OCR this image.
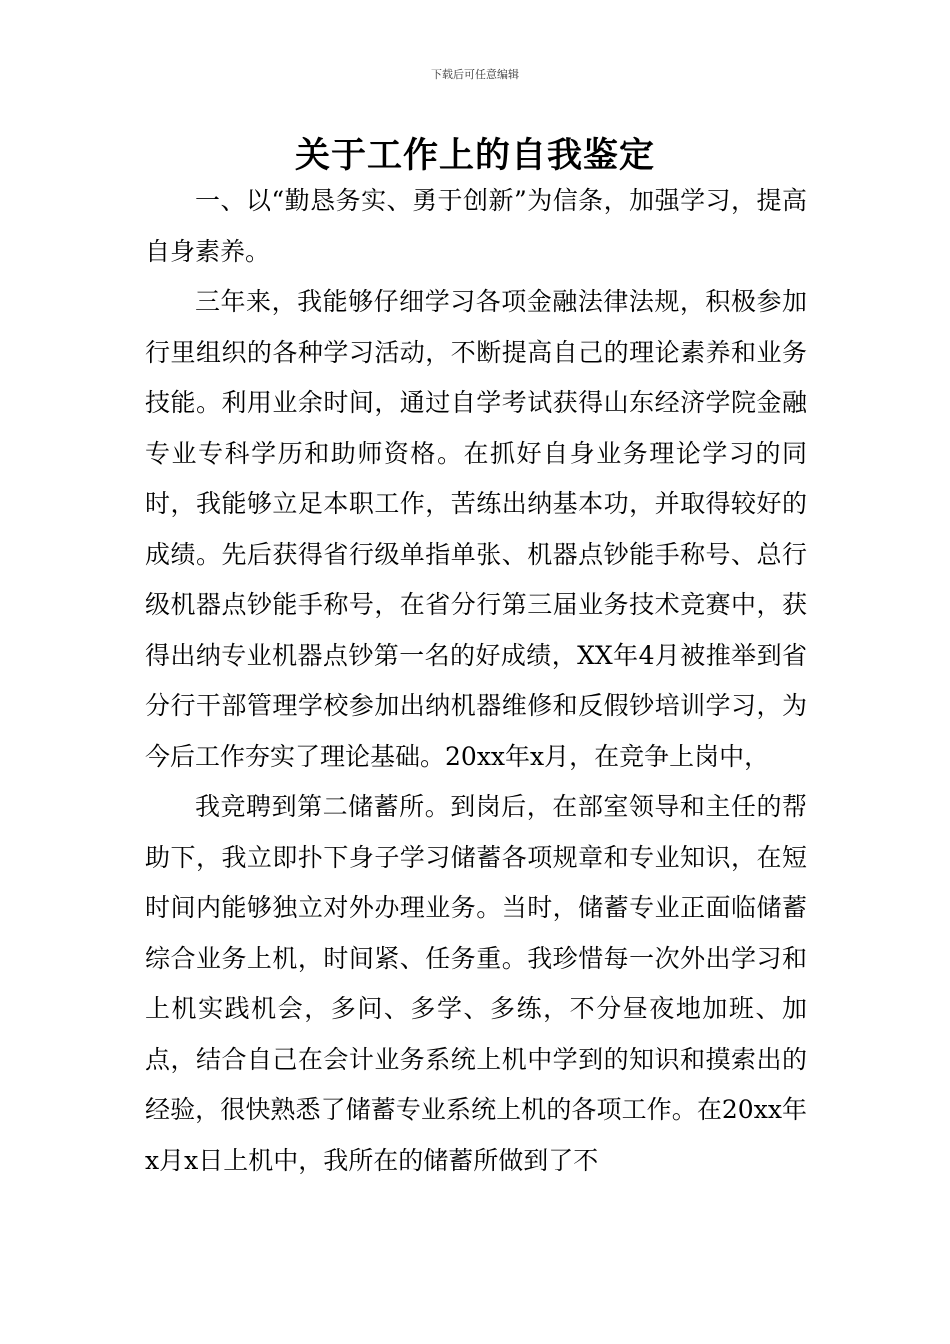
下载后可任意编辑
关于工作上的自我鉴定

一、以“勤恳务实、勇于创新”为信条，加强学习，提高自身素养。

三年来，我能够仔细学习各项金融法律法规，积极参加行里组织的各种学习活动，不断提高自己的理论素养和业务技能。利用业余时间，通过自学考试获得山东经济学院金融专业专科学历和助师资格。在抓好自身业务理论学习的同时，我能够立足本职工作，苦练出纳基本功，并取得较好的成绩。先后获得省行级单指单张、机器点钞能手称号、总行级机器点钞能手称号，在省分行第三届业务技术竞赛中，获得出纳专业机器点钞第一名的好成绩，XX年4月被推举到省分行干部管理学校参加出纳机器维修和反假钞培训学习，为今后工作夯实了理论基础。20xx年x月，在竞争上岗中，

我竞聘到第二储蓄所。到岗后，在部室领导和主任的帮助下，我立即扑下身子学习储蓄各项规章和专业知识，在短时间内能够独立对外办理业务。当时，储蓄专业正面临储蓄综合业务上机，时间紧、任务重。我珍惜每一次外出学习和上机实践机会，多问、多学、多练，不分昼夜地加班、加点，结合自己在会计业务系统上机中学到的知识和摸索出的经验，很快熟悉了储蓄专业系统上机的各项工作。在20xx年x月x日上机中，我所在的储蓄所做到了不
